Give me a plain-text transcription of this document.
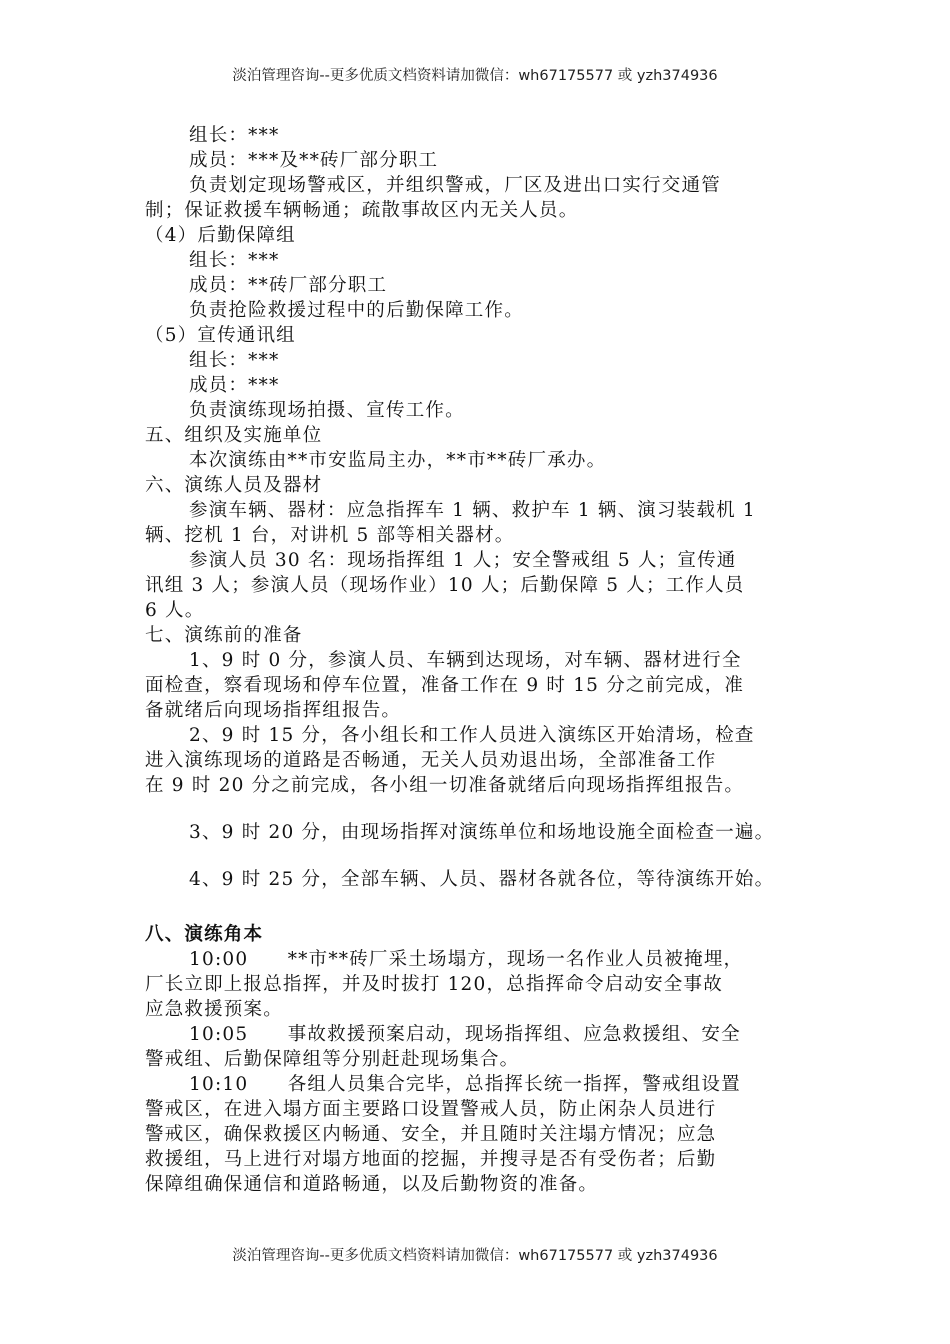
淡泊管理咨询--更多优质文档资料请加微信：wh67175577 或 yzh374936

组长：***

成员：***及**砖厂部分职工

负责划定现场警戒区，并组织警戒，厂区及进出口实行交通管

制；保证救援车辆畅通；疏散事故区内无关人员。

（4）后勤保障组

组长：***

成员：**砖厂部分职工

负责抢险救援过程中的后勤保障工作。

（5）宣传通讯组

组长：***

成员：***

负责演练现场拍摄、宣传工作。

五、组织及实施单位

本次演练由**市安监局主办，**市**砖厂承办。

六、演练人员及器材

参演车辆、器材：应急指挥车 1 辆、救护车 1 辆、演习装载机 1

辆、挖机 1 台，对讲机 5 部等相关器材。

参演人员 30 名：现场指挥组 1 人；安全警戒组 5 人；宣传通

讯组 3 人；参演人员（现场作业）10 人；后勤保障 5 人；工作人员

6 人。

七、演练前的准备

1、9 时 0 分，参演人员、车辆到达现场，对车辆、器材进行全

面检查，察看现场和停车位置，准备工作在 9 时 15 分之前完成，准

备就绪后向现场指挥组报告。

2、9 时 15 分，各小组长和工作人员进入演练区开始清场，检查

进入演练现场的道路是否畅通，无关人员劝退出场，全部准备工作

在 9 时 20 分之前完成，各小组一切准备就绪后向现场指挥组报告。

3、9 时 20 分，由现场指挥对演练单位和场地设施全面检查一遍。

4、9 时 25 分，全部车辆、人员、器材各就各位，等待演练开始。

八、演练角本

10:00　　**市**砖厂采土场塌方，现场一名作业人员被掩埋，

厂长立即上报总指挥，并及时拔打 120，总指挥命令启动安全事故

应急救援预案。

10:05　　事故救援预案启动，现场指挥组、应急救援组、安全

警戒组、后勤保障组等分别赶赴现场集合。

10:10　　各组人员集合完毕，总指挥长统一指挥，警戒组设置

警戒区，在进入塌方面主要路口设置警戒人员，防止闲杂人员进行

警戒区，确保救援区内畅通、安全，并且随时关注塌方情况；应急

救援组，马上进行对塌方地面的挖掘，并搜寻是否有受伤者；后勤

保障组确保通信和道路畅通，以及后勤物资的准备。

淡泊管理咨询--更多优质文档资料请加微信：wh67175577 或 yzh374936
